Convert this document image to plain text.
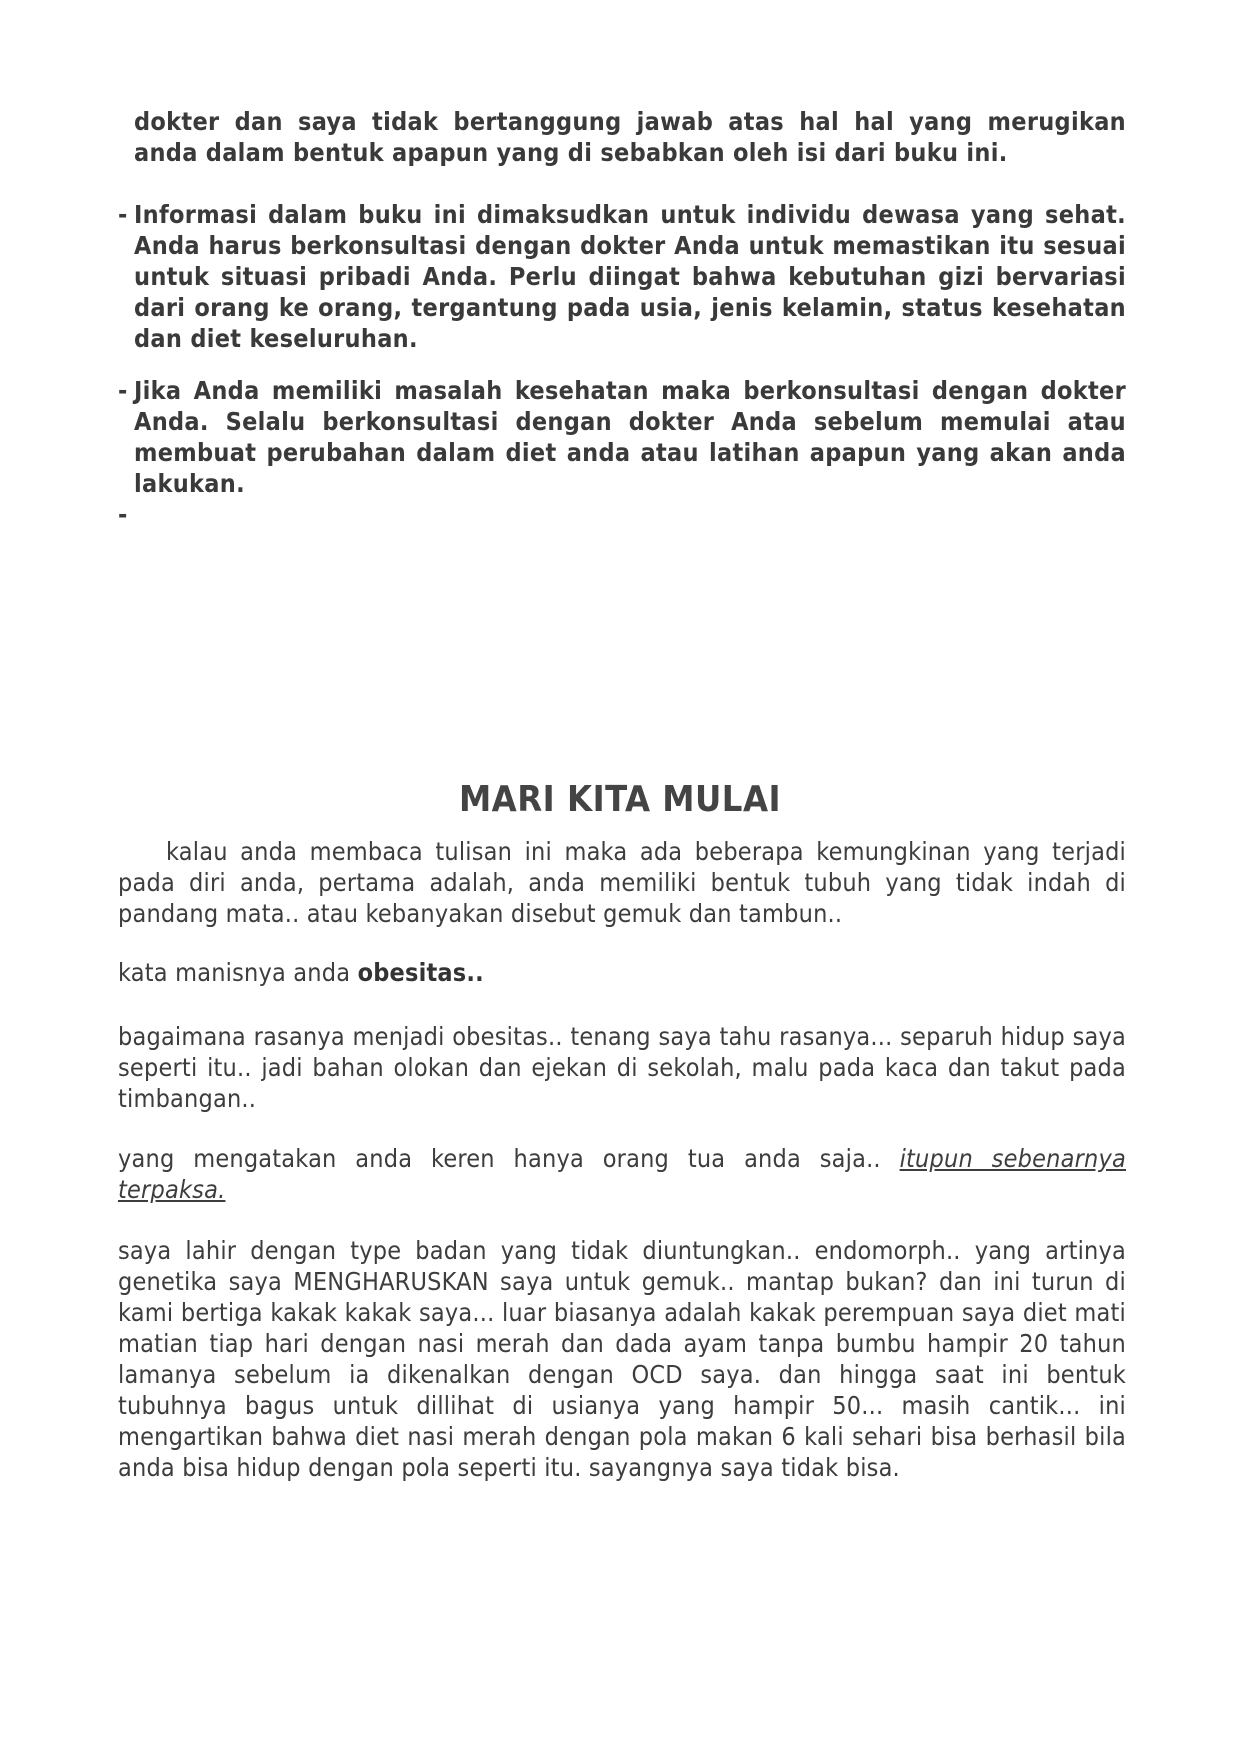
dokter dan saya tidak bertanggung jawab atas hal hal yang merugikan anda dalam bentuk apapun yang di sebabkan oleh isi dari buku ini.
- Informasi dalam buku ini dimaksudkan untuk individu dewasa yang sehat. Anda harus berkonsultasi dengan dokter Anda untuk memastikan itu sesuai untuk situasi pribadi Anda. Perlu diingat bahwa kebutuhan gizi bervariasi dari orang ke orang, tergantung pada usia, jenis kelamin, status kesehatan dan diet keseluruhan.
- Jika Anda memiliki masalah kesehatan maka berkonsultasi dengan dokter Anda. Selalu berkonsultasi dengan dokter Anda sebelum memulai atau membuat perubahan dalam diet anda atau latihan apapun yang akan anda lakukan.
-
MARI KITA MULAI
kalau anda membaca tulisan ini maka ada beberapa kemungkinan yang terjadi pada diri anda, pertama adalah, anda memiliki bentuk tubuh yang tidak indah di pandang mata.. atau kebanyakan disebut gemuk dan tambun..
kata manisnya anda obesitas..
bagaimana rasanya menjadi obesitas.. tenang saya tahu rasanya... separuh hidup saya seperti itu.. jadi bahan olokan dan ejekan di sekolah, malu pada kaca dan takut pada timbangan..
yang mengatakan anda keren hanya orang tua anda saja.. itupun sebenarnya terpaksa.
saya lahir dengan type badan yang tidak diuntungkan.. endomorph.. yang artinya genetika saya MENGHARUSKAN saya untuk gemuk.. mantap bukan? dan ini turun di kami bertiga kakak kakak saya... luar biasanya adalah kakak perempuan saya diet mati matian tiap hari dengan nasi merah dan dada ayam tanpa bumbu hampir 20 tahun lamanya sebelum ia dikenalkan dengan OCD saya. dan hingga saat ini bentuk tubuhnya bagus untuk dillihat di usianya yang hampir 50... masih cantik... ini mengartikan bahwa diet nasi merah dengan pola makan 6 kali sehari bisa berhasil bila anda bisa hidup dengan pola seperti itu. sayangnya saya tidak bisa.
